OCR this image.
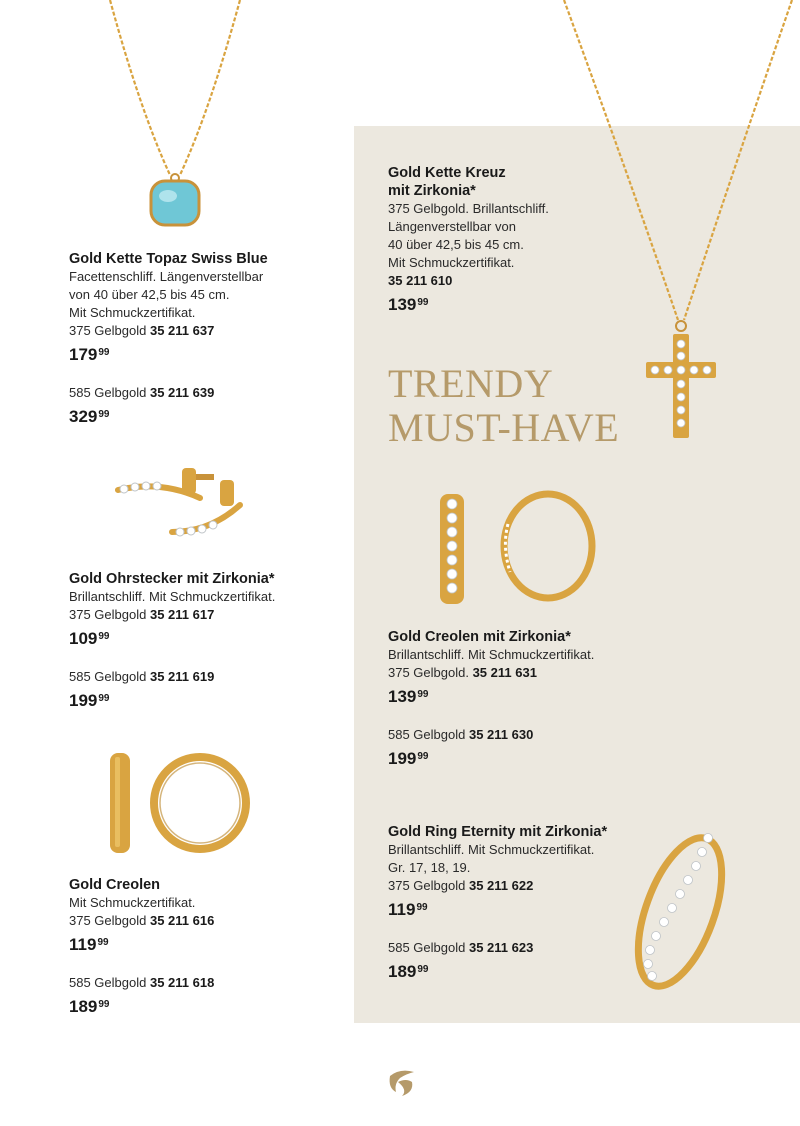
TRENDY
MUST-HAVE
Gold Kette Topaz Swiss Blue
Facettenschliff. Längenverstellbar
von 40 über 42,5 bis 45 cm.
Mit Schmuckzertifikat.
375 Gelbgold 35 211 637
$179^{99}$
585 Gelbgold 35 211 639
$329^{99}$
Gold Ohrstecker mit Zirkonia*
Brillantschliff. Mit Schmuckzertifikat.
375 Gelbgold 35 211 617
$109^{99}$
585 Gelbgold 35 211 619
$199^{99}$
Gold Creolen
Mit Schmuckzertifikat.
375 Gelbgold 35 211 616
$119^{99}$
585 Gelbgold 35 211 618
$189^{99}$
Gold Kette Kreuz
mit Zirkonia*
375 Gelbgold. Brillantschliff.
Längenverstellbar von
40 über 42,5 bis 45 cm.
Mit Schmuckzertifikat.
35 211 610
$139^{99}$
Gold Creolen mit Zirkonia*
Brillantschliff. Mit Schmuckzertifikat.
375 Gelbgold. 35 211 631
$139^{99}$
585 Gelbgold 35 211 630
$199^{99}$
Gold Ring Eternity mit Zirkonia*
Brillantschliff. Mit Schmuckzertifikat.
Gr. 17, 18, 19.
375 Gelbgold 35 211 622
$119^{99}$
585 Gelbgold 35 211 623
$189^{99}$
